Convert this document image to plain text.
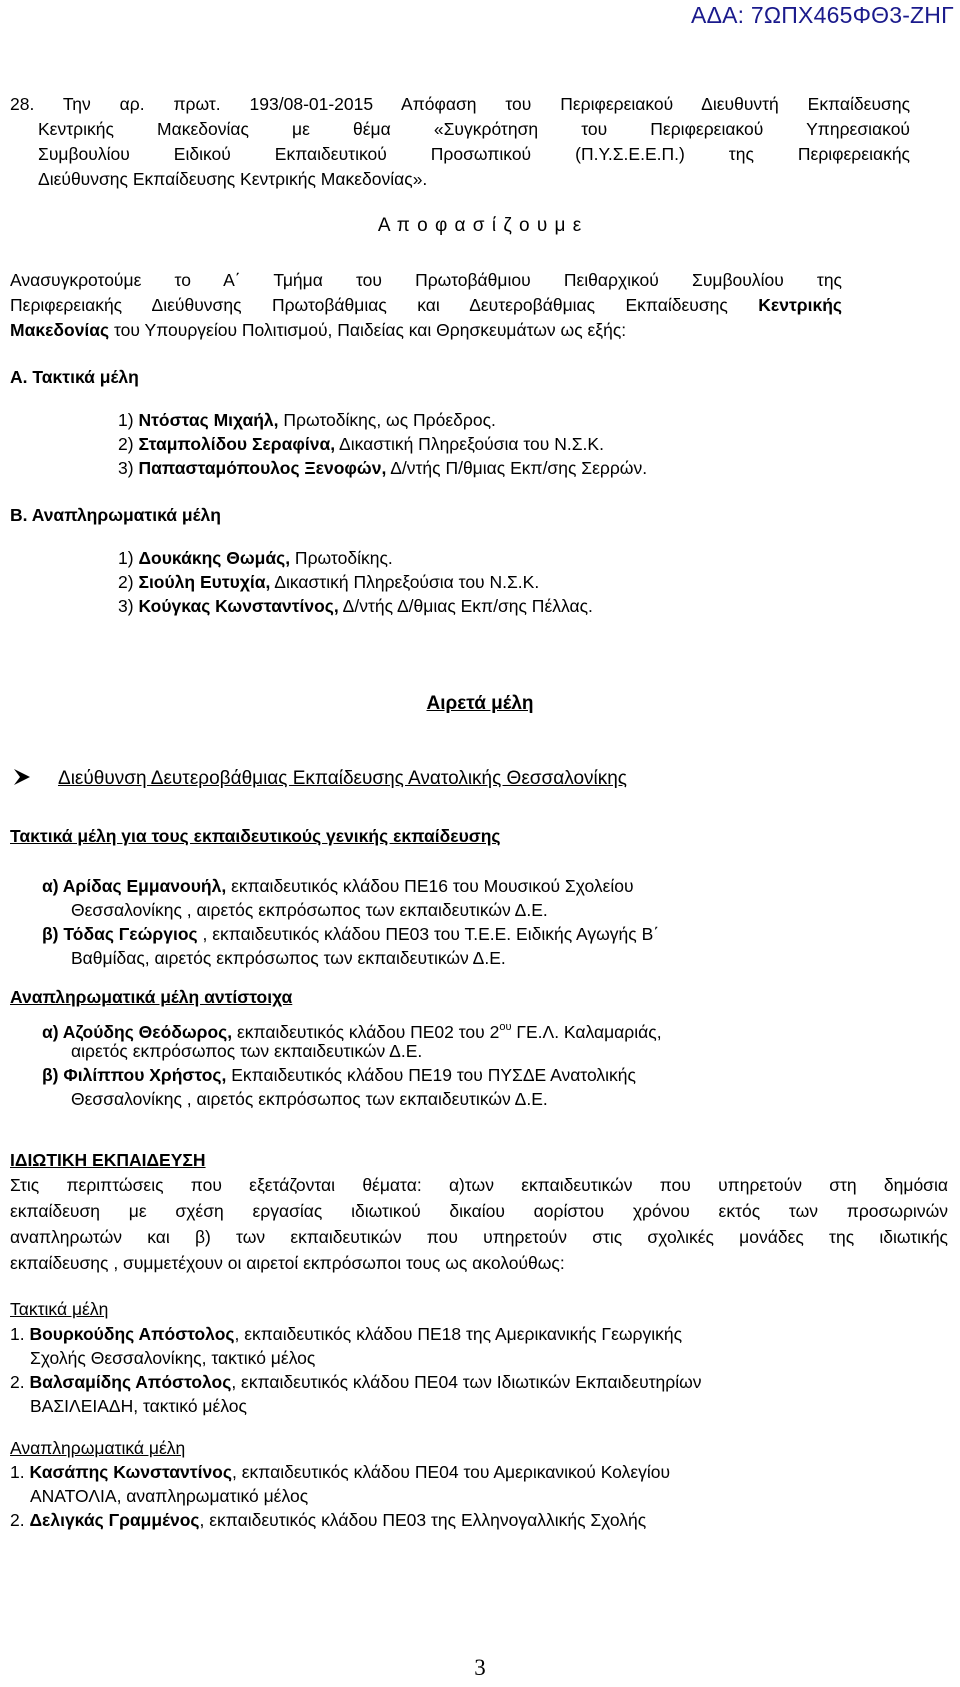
ΑΔΑ: 7ΩΠΧ465ΦΘ3-ΖΗΓ

28. Την αρ. πρωτ. 193/08-01-2015 Απόφαση του Περιφερειακού Διευθυντή Εκπαίδευσης

Κεντρικής Μακεδονίας με θέμα «Συγκρότηση του Περιφερειακού Υπηρεσιακού

Συμβουλίου Ειδικού Εκπαιδευτικού Προσωπικού (Π.Υ.Σ.Ε.Ε.Π.) της Περιφερειακής

Διεύθυνσης Εκπαίδευσης Κεντρικής Μακεδονίας».

Α π ο φ α σ ί ζ ο υ μ ε

Ανασυγκροτούμε το Α΄ Τμήμα του Πρωτοβάθμιου Πειθαρχικού Συμβουλίου της

Περιφερειακής Διεύθυνσης Πρωτοβάθμιας και Δευτεροβάθμιας Εκπαίδευσης Κεντρικής

Μακεδονίας του Υπουργείου Πολιτισμού, Παιδείας και Θρησκευμάτων ως εξής:

Α. Τακτικά μέλη
1) Ντόστας Μιχαήλ, Πρωτοδίκης, ως Πρόεδρος.
2) Σταμπολίδου Σεραφίνα, Δικαστική Πληρεξούσια του Ν.Σ.Κ.
3) Παπασταμόπουλος Ξενοφών, Δ/ντής Π/θμιας Εκπ/σης Σερρών.
Β. Αναπληρωματικά μέλη
1) Δουκάκης Θωμάς, Πρωτοδίκης.
2) Σιούλη Ευτυχία, Δικαστική Πληρεξούσια του Ν.Σ.Κ.
3) Κούγκας Κωνσταντίνος, Δ/ντής Δ/θμιας Εκπ/σης Πέλλας.
Αιρετά μέλη
Διεύθυνση Δευτεροβάθμιας Εκπαίδευσης Ανατολικής Θεσσαλονίκης
Τακτικά μέλη για τους εκπαιδευτικούς γενικής εκπαίδευσης
α) Αρίδας Εμμανουήλ, εκπαιδευτικός κλάδου ΠΕ16 του Μουσικού Σχολείου
Θεσσαλονίκης , αιρετός εκπρόσωπος των εκπαιδευτικών Δ.Ε.
β) Τόδας Γεώργιος , εκπαιδευτικός κλάδου ΠΕ03 του Τ.Ε.Ε. Ειδικής Αγωγής Β΄
Βαθμίδας, αιρετός εκπρόσωπος των εκπαιδευτικών Δ.Ε.
Αναπληρωματικά μέλη αντίστοιχα
α) Αζούδης Θεόδωρος, εκπαιδευτικός κλάδου ΠΕ02 του $2^{o\upsilon}$ ΓΕ.Λ. Καλαμαριάς,
αιρετός εκπρόσωπος των εκπαιδευτικών Δ.Ε.
β) Φιλίππου Χρήστος, Εκπαιδευτικός κλάδου ΠΕ19 του ΠΥΣΔΕ Ανατολικής
Θεσσαλονίκης , αιρετός εκπρόσωπος των εκπαιδευτικών Δ.Ε.
ΙΔΙΩΤΙΚΗ ΕΚΠΑΙΔΕΥΣΗ

Στις περιπτώσεις που εξετάζονται θέματα: α)των εκπαιδευτικών που υπηρετούν στη δημόσια

εκπαίδευση με σχέση εργασίας ιδιωτικού δικαίου αορίστου χρόνου εκτός των προσωρινών

αναπληρωτών και β) των εκπαιδευτικών που υπηρετούν στις σχολικές μονάδες της ιδιωτικής

εκπαίδευσης , συμμετέχουν οι αιρετοί εκπρόσωποι τους ως ακολούθως:

Τακτικά μέλη
1. Βουρκούδης Απόστολος, εκπαιδευτικός κλάδου ΠΕ18 της Αμερικανικής Γεωργικής
Σχολής Θεσσαλονίκης, τακτικό μέλος
2. Βαλσαμίδης Απόστολος, εκπαιδευτικός κλάδου ΠΕ04 των Ιδιωτικών Εκπαιδευτηρίων
ΒΑΣΙΛΕΙΑΔΗ, τακτικό μέλος
Αναπληρωματικά μέλη
1. Κασάπης Κωνσταντίνος, εκπαιδευτικός κλάδου ΠΕ04 του Αμερικανικού Κολεγίου
ΑΝΑΤΟΛΙΑ, αναπληρωματικό μέλος
2. Δελιγκάς Γραμμένος, εκπαιδευτικός κλάδου ΠΕ03 της Ελληνογαλλικής Σχολής
3
